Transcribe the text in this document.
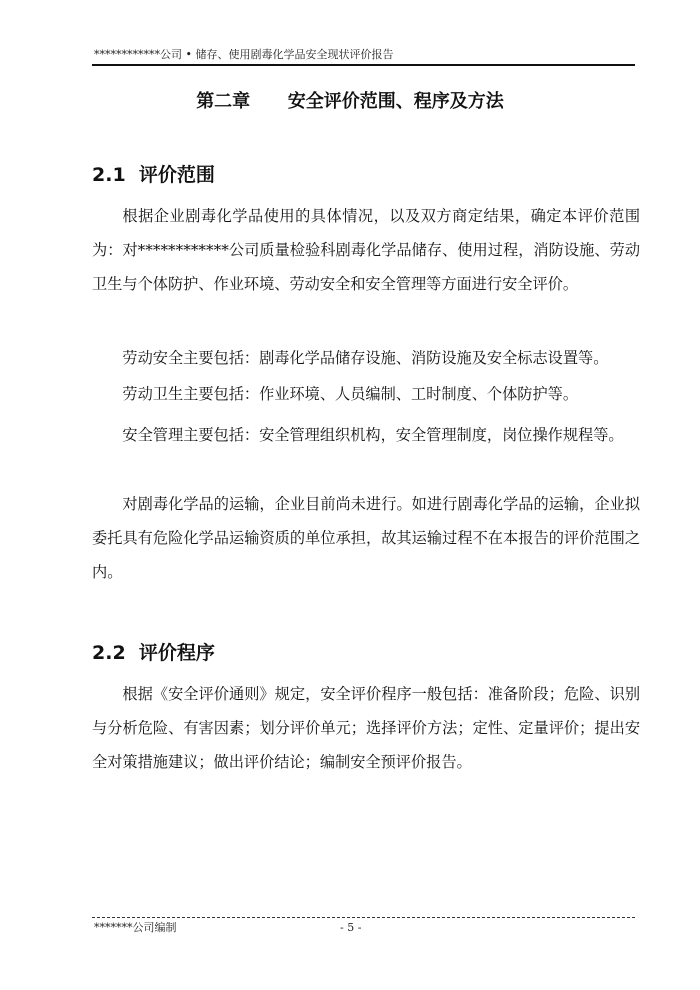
************公司 • 储存、使用剧毒化学品安全现状评价报告
第二章      安全评价范围、程序及方法
2.1  评价范围

根据企业剧毒化学品使用的具体情况，以及双方商定结果，确定本评价范围为：对************公司质量检验科剧毒化学品储存、使用过程，消防设施、劳动卫生与个体防护、作业环境、劳动安全和安全管理等方面进行安全评价。

劳动安全主要包括：剧毒化学品储存设施、消防设施及安全标志设置等。

劳动卫生主要包括：作业环境、人员编制、工时制度、个体防护等。

安全管理主要包括：安全管理组织机构，安全管理制度，岗位操作规程等。

对剧毒化学品的运输，企业目前尚未进行。如进行剧毒化学品的运输，企业拟委托具有危险化学品运输资质的单位承担，故其运输过程不在本报告的评价范围之内。

2.2  评价程序

根据《安全评价通则》规定，安全评价程序一般包括：准备阶段；危险、识别与分析危险、有害因素；划分评价单元；选择评价方法；定性、定量评价；提出安全对策措施建议；做出评价结论；编制安全预评价报告。

*******公司编制	- 5 -
